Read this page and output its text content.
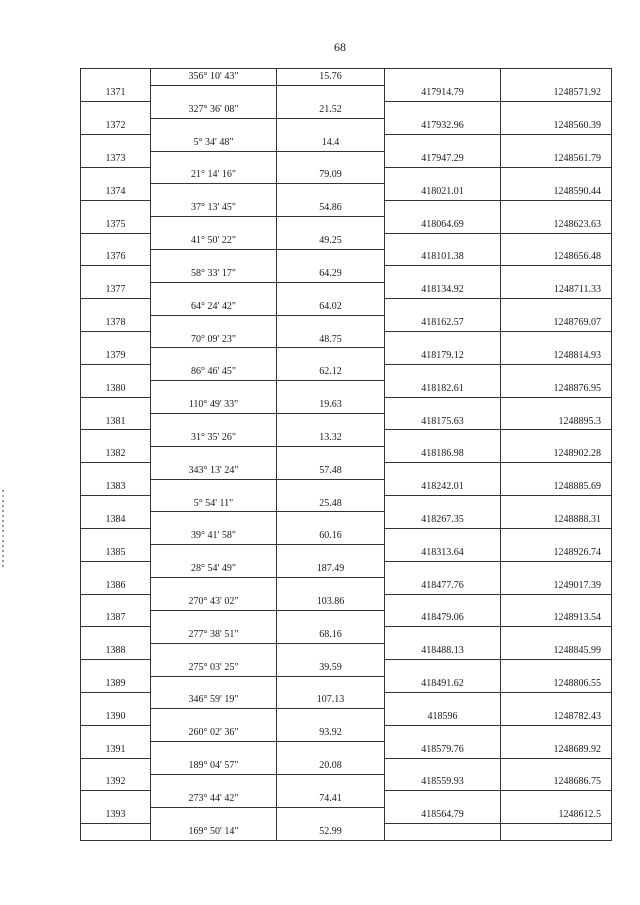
68
	356° 10' 43"	15.76		
1371			417914.79	1248571.92
	327° 36' 08"	21.52		
1372			417932.96	1248560.39
	5° 34' 48"	14.4		
1373			417947.29	1248561.79
	21° 14' 16"	79.09		
1374			418021.01	1248590.44
	37° 13' 45"	54.86		
1375			418064.69	1248623.63
	41° 50' 22"	49.25		
1376			418101.38	1248656.48
	58° 33' 17"	64.29		
1377			418134.92	1248711.33
	64° 24' 42"	64.02		
1378			418162.57	1248769.07
	70° 09' 23"	48.75		
1379			418179.12	1248814.93
	86° 46' 45"	62.12		
1380			418182.61	1248876.95
	110° 49' 33"	19.63		
1381			418175.63	1248895.3
	31° 35' 26"	13.32		
1382			418186.98	1248902.28
	343° 13' 24"	57.48		
1383			418242.01	1248885.69
	5° 54' 11"	25.48		
1384			418267.35	1248888.31
	39° 41' 58"	60.16		
1385			418313.64	1248926.74
	28° 54' 49"	187.49		
1386			418477.76	1249017.39
	270° 43' 02"	103.86		
1387			418479.06	1248913.54
	277° 38' 51"	68.16		
1388			418488.13	1248845.99
	275° 03' 25"	39.59		
1389			418491.62	1248806.55
	346° 59' 19"	107.13		
1390			418596	1248782.43
	260° 02' 36"	93.92		
1391			418579.76	1248689.92
	189° 04' 57"	20.08		
1392			418559.93	1248686.75
	273° 44' 42"	74.41		
1393			418564.79	1248612.5
	169° 50' 14"	52.99		
